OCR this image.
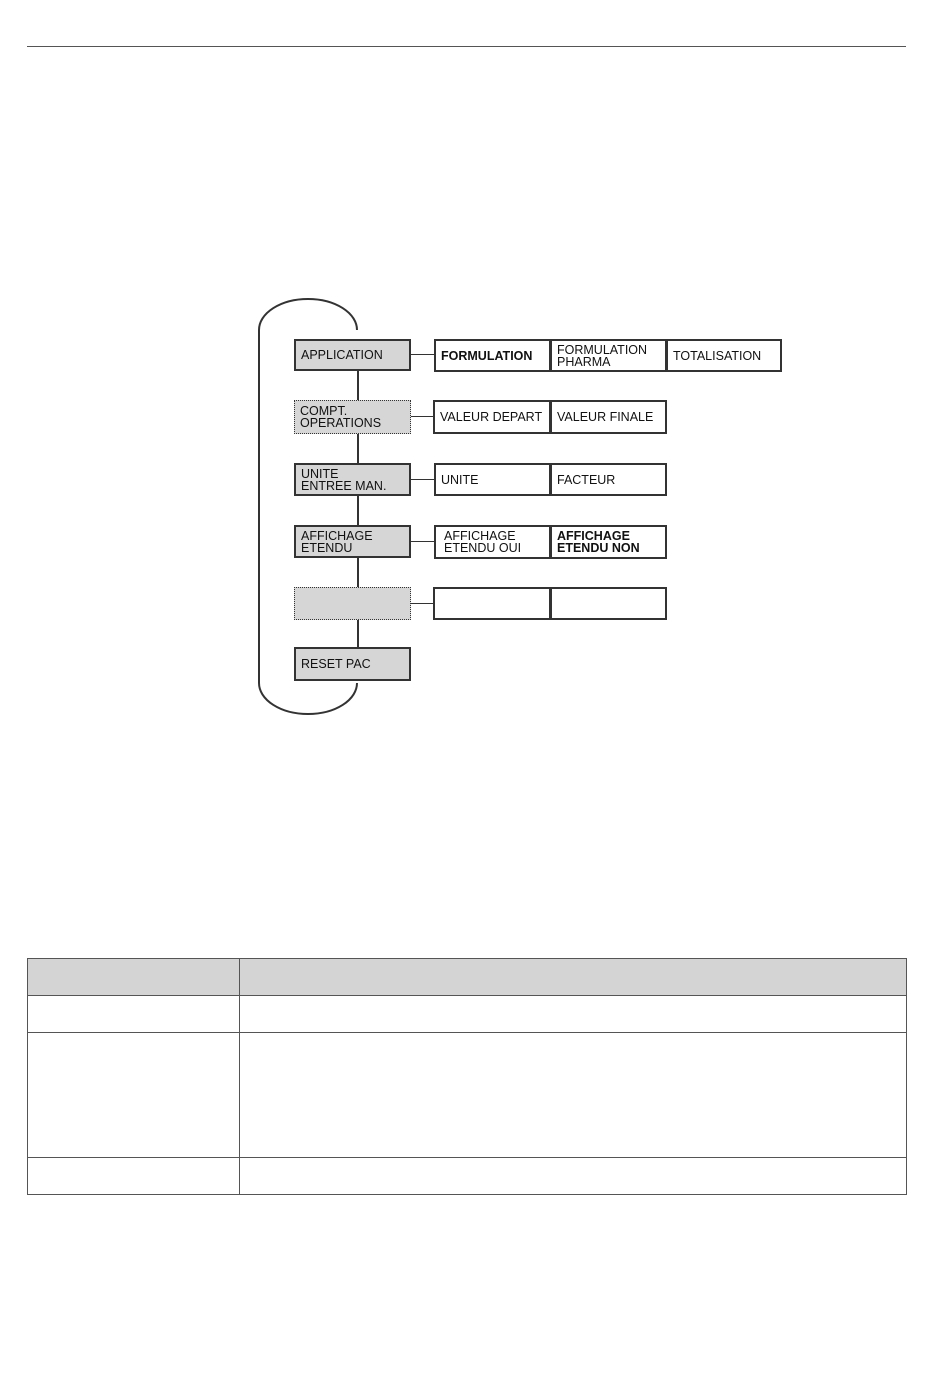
APPLICATION	FORMULATION	FORMULATION
PHARMA	TOTALISATION
COMPT.
OPERATIONS	VALEUR DEPART	VALEUR FINALE
UNITE
ENTREE MAN.	UNITE	FACTEUR
AFFICHAGE
ETENDU
AFFICHAGE
ETENDU OUI
AFFICHAGE
ETENDU NON
RESET PAC
